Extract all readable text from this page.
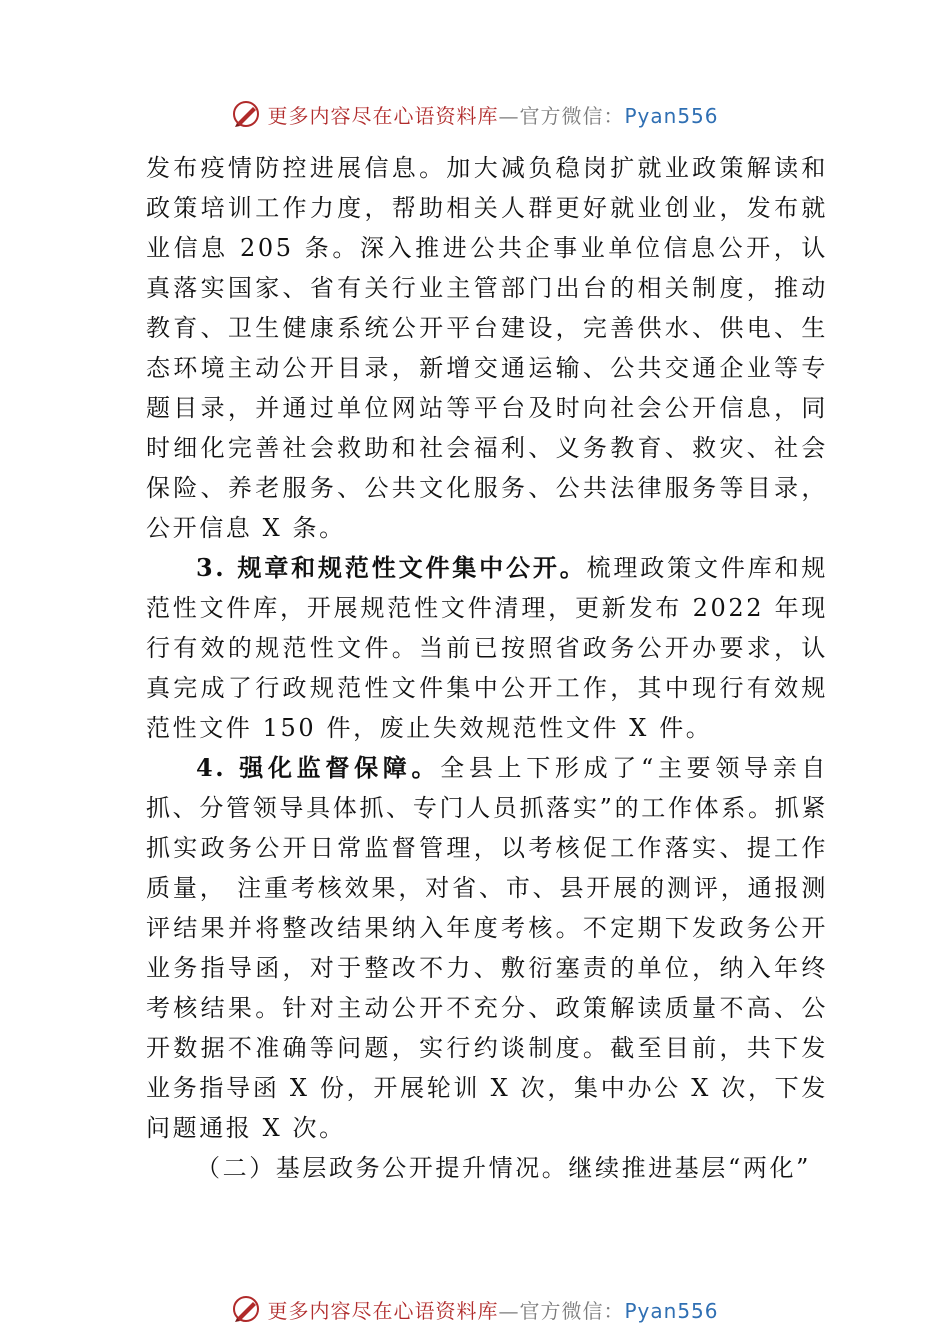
更多内容尽在心语资料库—官方微信：Pyan556

发布疫情防控进展信息。加大减负稳岗扩就业政策解读和政策培训工作力度，帮助相关人群更好就业创业，发布就业信息 205 条。深入推进公共企事业单位信息公开，认真落实国家、省有关行业主管部门出台的相关制度，推动教育、卫生健康系统公开平台建设，完善供水、供电、生态环境主动公开目录，新增交通运输、公共交通企业等专题目录，并通过单位网站等平台及时向社会公开信息，同时细化完善社会救助和社会福利、义务教育、救灾、社会保险、养老服务、公共文化服务、公共法律服务等目录，公开信息 X 条。

3. 规章和规范性文件集中公开。梳理政策文件库和规范性文件库，开展规范性文件清理，更新发布 2022 年现行有效的规范性文件。当前已按照省政务公开办要求，认真完成了行政规范性文件集中公开工作，其中现行有效规范性文件 150 件，废止失效规范性文件 X 件。

4. 强化监督保障。全县上下形成了“主要领导亲自抓、分管领导具体抓、专门人员抓落实”的工作体系。抓紧抓实政务公开日常监督管理，以考核促工作落实、提工作质量， 注重考核效果，对省、市、县开展的测评，通报测评结果并将整改结果纳入年度考核。不定期下发政务公开业务指导函，对于整改不力、敷衍塞责的单位，纳入年终考核结果。针对主动公开不充分、政策解读质量不高、公开数据不准确等问题，实行约谈制度。截至目前，共下发业务指导函 X 份，开展轮训 X 次，集中办公 X 次，下发问题通报 X 次。

（二）基层政务公开提升情况。继续推进基层“两化”

更多内容尽在心语资料库—官方微信：Pyan556
